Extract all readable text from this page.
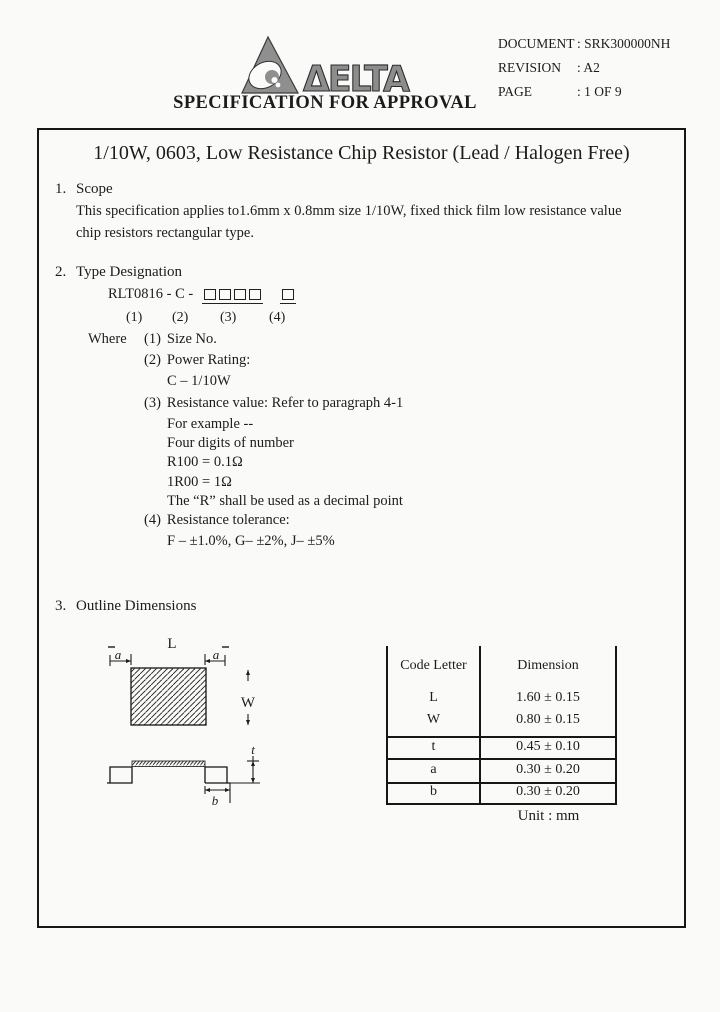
ΔELTA
SPECIFICATION FOR APPROVAL
DOCUMENT : SRK300000NH
REVISION	: A2
PAGE	: 1 OF 9
1/10W, 0603, Low Resistance Chip Resistor (Lead / Halogen Free)
1. Scope
This specification applies to1.6mm x 0.8mm size 1/10W, fixed thick film low resistance value
chip resistors rectangular type.
2. Type Designation
RLT0816 - C -
(1) (2) (3) (4)
Where (1) Size No.
(2) Power Rating:
C – 1/10W
(3) Resistance value: Refer to paragraph 4-1
For example --
Four digits of number
R100 = 0.1Ω
1R00 = 1Ω
The “R” shall be used as a decimal point
(4) Resistance tolerance:
F – ±1.0%, G– ±2%, J– ±5%
3. Outline Dimensions
L
a	a
W
t
b
Code Letter	Dimension
L	1.60 ± 0.15
W	0.80 ± 0.15
t	0.45 ± 0.10
a	0.30 ± 0.20
b	0.30 ± 0.20
Unit : mm
